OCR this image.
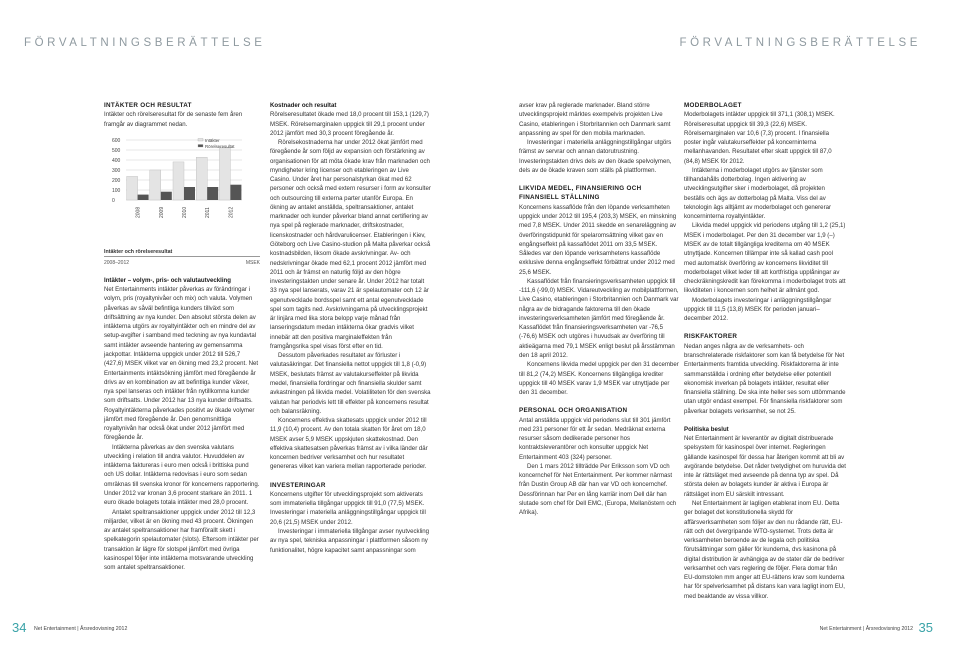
FÖRVALTNINGSBERÄTTELSE	FÖRVALTNINGSBERÄTTELSE
INTÄKTER OCH RESULTAT

Intäkter och rörelseresultat för de senaste fem åren framgår av diagrammet nedan.

0
100
200
300
400
500
600
2008	2009	2010	2011	2012
Intäkter
Rörelseresultat
Intäkter och rörelseresultat
2008–2012	MSEK
Intäkter – volym-, pris- och valutautveckling

Net Entertainments intäkter påverkas av förändringar i volym, pris (royaltynivåer och mix) och valuta. Volymen påverkas av såväl befintliga kunders tillväxt som driftsättning av nya kunder. Den absolut största delen av intäkterna utgörs av royaltyintäkter och en mindre del av setup-avgifter i samband med teckning av nya kundavtal samt intäkter avseende hantering av gemensamma jackpottar. Intäkterna uppgick under 2012 till 526,7 (427,6) MSEK vilket var en ökning med 23,2 procent. Net Entertainments intäktsökning jämfört med föregående år drivs av en kombination av att befintliga kunder växer, nya spel lanseras och intäkter från nytillkomna kunder som driftsatts. Under 2012 har 13 nya kunder driftsatts. Royaltyintäkterna påverkades positivt av ökade volymer jämfört med föregående år. Den genomsnittliga royaltynivån har också ökat under 2012 jämfört med föregående år.

Intäkterna påverkas av den svenska valutans utveckling i relation till andra valutor. Huvuddelen av intäkterna faktureras i euro men också i brittiska pund och US dollar. Intäkterna redovisas i euro som sedan omräknas till svenska kronor för koncernens rapportering. Under 2012 var kronan 3,6 procent starkare än 2011. 1 euro ökade bolagets totala intäkter med 28,0 procent.

Antalet speltransaktioner uppgick under 2012 till 12,3 miljarder, vilket är en ökning med 43 procent. Ökningen av antalet speltransaktioner har framförallt skett i spelkategorin spelautomater (slots). Eftersom intäkter per transaktion är lägre för slotspel jämfört med övriga kasinospel följer inte intäkterna motsvarande utveckling som antalet speltransaktioner.

Kostnader och resultat

Rörelseresultatet ökade med 18,0 procent till 153,1 (129,7) MSEK. Rörelsemarginalen uppgick till 29,1 procent under 2012 jämfört med 30,3 procent föregående år.

Rörelsekostnaderna har under 2012 ökat jämfört med föregående år som följd av expansion och förstärkning av organisationen för att möta ökade krav från marknaden och myndigheter kring licenser och etableringen av Live Casino. Under året har personalstyrkan ökat med 62 personer och också med extern resurser i form av konsulter och outsourcing till externa parter utanför Europa. En ökning av antalet anställda, speltransaktioner, antalet marknader och kunder påverkar bland annat certifiering av nya spel på reglerade marknader, driftskostnader, licenskostnader och hårdvarulicenser. Etableringen i Kiev, Göteborg och Live Casino-studion på Malta påverkar också kostnadsbilden, liksom ökade avskrivningar. Av- och nedskrivningar ökade med 62,1 procent 2012 jämfört med 2011 och är främst en naturlig följd av den högre investeringstakten under senare år. Under 2012 har totalt 33 nya spel lanserats, varav 21 är spelautomater och 12 är egenutvecklade bordsspel samt ett antal egenutvecklade spel som tagits ned. Avskrivningarna på utvecklingsprojekt är linjära med lika stora belopp varje månad från lanseringsdatum medan intäkterna ökar gradvis vilket innebär att den positiva marginaleffekten från framgångsrika spel visas först efter en tid.

Dessutom påverkades resultatet av förluster i valutasäkringar. Det finansiella nettot uppgick till 1,8 (-0,9) MSEK, beslutats främst av valutakurseffekter på likvida medel, finansiella fordringar och finansiella skulder samt avkastningen på likvida medel. Volatiliteten för den svenska valutan har periodvis lett till effekter på koncernens resultat och balansräkning.

Koncernens effektiva skattesats uppgick under 2012 till 11,9 (10,4) procent. Av den totala skatten för året om 18,0 MSEK avser 5,9 MSEK uppskjuten skattekostnad. Den effektiva skattesatsen påverkas främst av i vilka länder där koncernen bedriver verksamhet och hur resultatet genereras vilket kan variera mellan rapporterade perioder.

INVESTERINGAR

Koncernens utgifter för utvecklingsprojekt som aktiverats som immateriella tillgångar uppgick till 91,0 (77,5) MSEK. Investeringar i materiella anläggningstillgångar uppgick till 20,6 (21,5) MSEK under 2012.

Investeringar i immateriella tillgångar avser nyutveckling av nya spel, tekniska anpassningar i plattformen såsom ny funktionalitet, högre kapacitet samt anpassningar som

avser krav på reglerade marknader. Bland större utvecklingsprojekt märktes exempelvis projekten Live Casino, etableringen i Storbritannien och Danmark samt anpassning av spel för den mobila marknaden.

Investeringar i materiella anläggningstillgångar utgörs främst av servrar och annan datorutrustning. Investeringstakten drivs dels av den ökade spelvolymen, dels av de ökade kraven som ställs på plattformen.

LIKVIDA MEDEL, FINANSIERING OCH FINANSIELL STÄLLNING

Koncernens kassaflöde från den löpande verksamheten uppgick under 2012 till 195,4 (203,3) MSEK, en minskning med 7,8 MSEK. Under 2011 skedde en senareläggning av överföringstidpunkt för spelaromsättning vilket gav en engångseffekt på kassaflödet 2011 om 33,5 MSEK. Således var den löpande verksamhetens kassaflöde exklusive denna engångseffekt förbättrat under 2012 med 25,6 MSEK.

Kassaflödet från finansieringsverksamheten uppgick till -111,6 (-99,0) MSEK. Vidareutveckling av mobilplattformen, Live Casino, etableringen i Storbritannien och Danmark var några av de bidragande faktorerna till den ökade investeringsverksamheten jämfört med föregående år. Kassaflödet från finansieringsverksamheten var -76,5 (-76,6) MSEK och utgöres i huvudsak av överföring till aktieägarna med 79,1 MSEK enligt beslut på årsstämman den 18 april 2012.

Koncernens likvida medel uppgick per den 31 december till 81,2 (74,2) MSEK. Koncernens tillgängliga krediter uppgick till 40 MSEK varav 1,9 MSEK var utnyttjade per den 31 december.

PERSONAL OCH ORGANISATION

Antal anställda uppgick vid periodens slut till 301 jämfört med 231 personer för ett år sedan. Medräknat externa resurser såsom dedikerade personer hos kontraktsleverantörer och konsulter uppgick Net Entertainment 403 (324) personer.

Den 1 mars 2012 tillträdde Per Eriksson som VD och koncernchef för Net Entertainment. Per kommer närmast från Dustin Group AB där han var VD och koncernchef. Dessförinnan har Per en lång karriär inom Dell där han slutade som chef för Dell EMC, (Europa, Mellanöstern och Afrika).

MODERBOLAGET

Moderbolagets intäkter uppgick till 371,1 (308,1) MSEK. Rörelseresultat uppgick till 39,3 (22,6) MSEK. Rörelsemarginalen var 10,6 (7,3) procent. I finansiella poster ingår valutakurseffekter på koncerninterna mellanhavanden. Resultatet efter skatt uppgick till 87,0 (84,8) MSEK för 2012.

Intäkterna i moderbolaget utgörs av tjänster som tillhandahålls dotterbolag. Ingen aktivering av utvecklingsutgifter sker i moderbolaget, då projekten beställs och ägs av dotterbolag på Malta. Viss del av teknologin ägs alltjämt av moderbolaget och genererar koncerninterna royaltyintäkter.

Likvida medel uppgick vid periodens utgång till 1,2 (25,1) MSEK i moderbolaget. Per den 31 december var 1,9 (–) MSEK av de totalt tillgängliga krediterna om 40 MSEK utnyttjade. Koncernen tillämpar inte så kallad cash pool med automatisk överföring av koncernens likviditet till moderbolaget vilket leder till att kortfristiga upplåningar av checkräkningskredit kan förekomma i moderbolaget trots att likviditeten i koncernen som helhet är allmänt god.

Moderbolagets investeringar i anläggningstillgångar uppgick till 11,5 (13,8) MSEK för perioden januari–december 2012.

RISKFAKTORER

Nedan anges några av de verksamhets- och branschrelaterade riskfaktorer som kan få betydelse för Net Entertainments framtida utveckling. Riskfaktorerna är inte sammanställda i ordning efter betydelse eller potentiell ekonomisk inverkan på bolagets intäkter, resultat eller finansiella ställning. De ska inte heller ses som uttömmande utan utgör endast exempel. För finansiella riskfaktorer som påverkar bolagets verksamhet, se not 25.

Politiska beslut

Net Entertainment är leverantör av digitalt distribuerade spelsystem för kasinospel över internet. Regleringen gällande kasinospel för dessa har återigen kommit att bli av avgörande betydelse. Det råder tvetydighet om huruvida det inte är rättsläget med avseende på denna typ av spel. Då största delen av bolagets kunder är aktiva i Europa är rättsläget inom EU särskilt intressant.

Net Entertainment är lagligen etablerat inom EU. Detta ger bolaget det konstitutionella skydd för affärsverksamheten som följer av den nu rådande rätt, EU-rätt och det övergripande WTO-systemet. Trots detta är verksamheten beroende av de legala och politiska förutsättningar som gäller för kunderna, dvs kasinona på digital distribution är avhängiga av de stater där de bedriver verksamhet och vars reglering de följer. Flera domar från EU-domstolen mm anger att EU-rättens krav som kunderna har för spelverksamhet på distans kan vara lagligt inom EU, med beaktande av vissa villkor.

34 Net Entertainment | Årsredovisning 2012	Net Entertainment | Årsredovisning 2012 35
